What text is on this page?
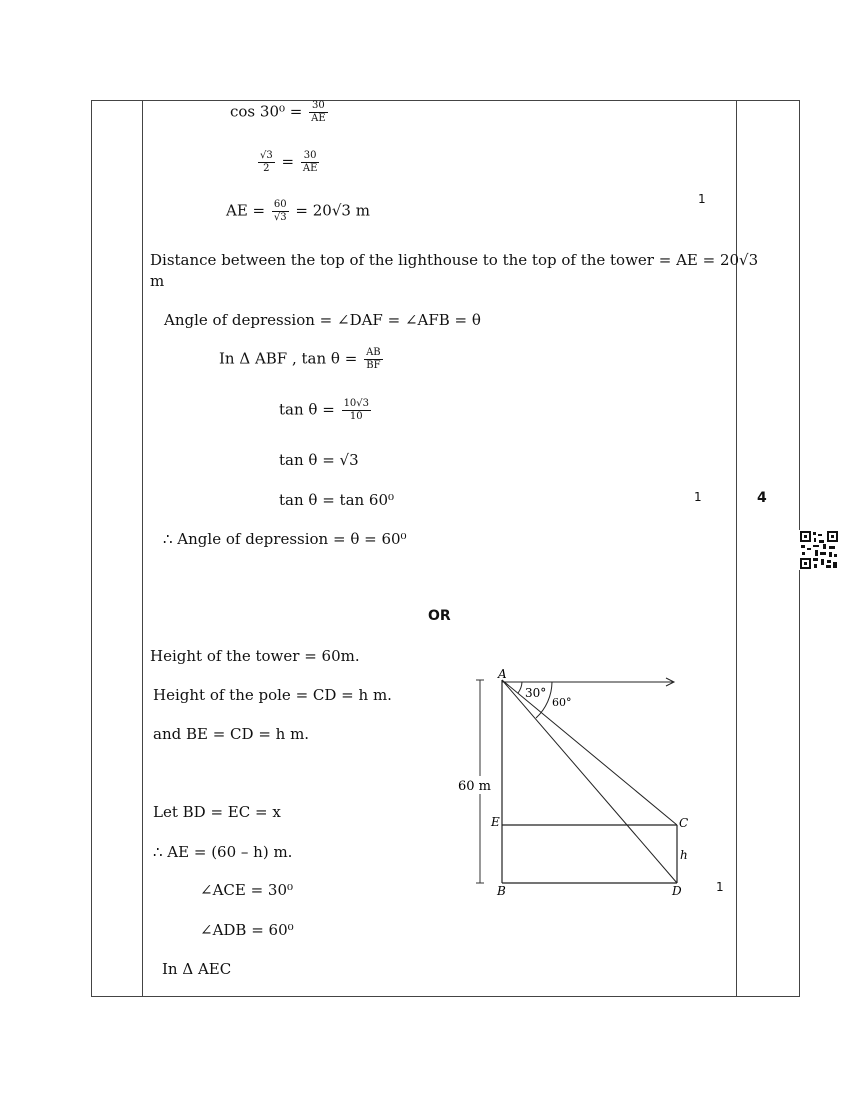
$\cos 30^0 = \frac{30}{AE}$
$\frac{√3}{2} = \frac{30}{AE}$
AE = $\frac{60}{√3} = 20√3$ m
1
Distance between the top of the lighthouse to the top of the tower = AE = 20√3
m
Angle of depression = ∠DAF = ∠AFB = θ
In Δ ABF , $\tan \theta = \frac{AB}{BF}$
$\tan \theta = \frac{10√3}{10}$
tan θ = √3
tan θ = tan 60⁰	1	4
∴ Angle of depression = θ = 60⁰
OR
Height of the tower = 60m.
Height of the pole = CD = h m.
and BE = CD = h m.
Let BD = EC = x
∴ AE = (60 – h) m.
∠ACE = 30⁰
∠ADB = 60⁰
In Δ AEC
1
60 m
30°
60°
A
B
C
D
E
h
